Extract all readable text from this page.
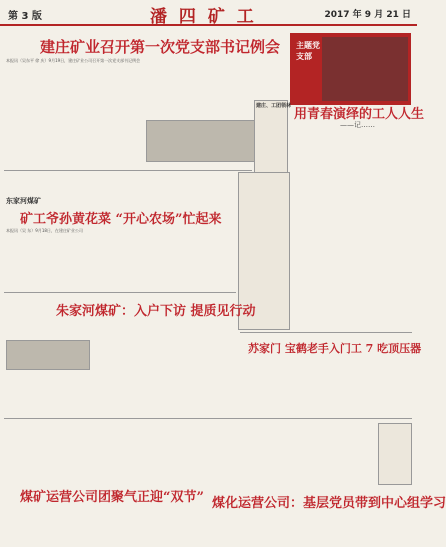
第 3 版	潘 四 矿 工	2017 年 9 月 21 日
建庄矿业召开第一次党支部书记例会
本报讯（吴东平 徐 庆）9月19日，建庄矿业公司召开第一次党支部书记例会
主题党支部
用青春演绎的工人人生
——记……
建庄、工团领林
东家河煤矿
矿工爷孙黄花菜 “开心农场”忙起来
本报讯（吴 东）9月18日，在建庄矿业公司
朱家河煤矿：入户下访 提质见行动
苏家门 宝鹤老手入门工 7 吃顶压器
煤矿运营公司团聚气正迎“双节” 煤化运营公司：基层党员带到中心组学习
